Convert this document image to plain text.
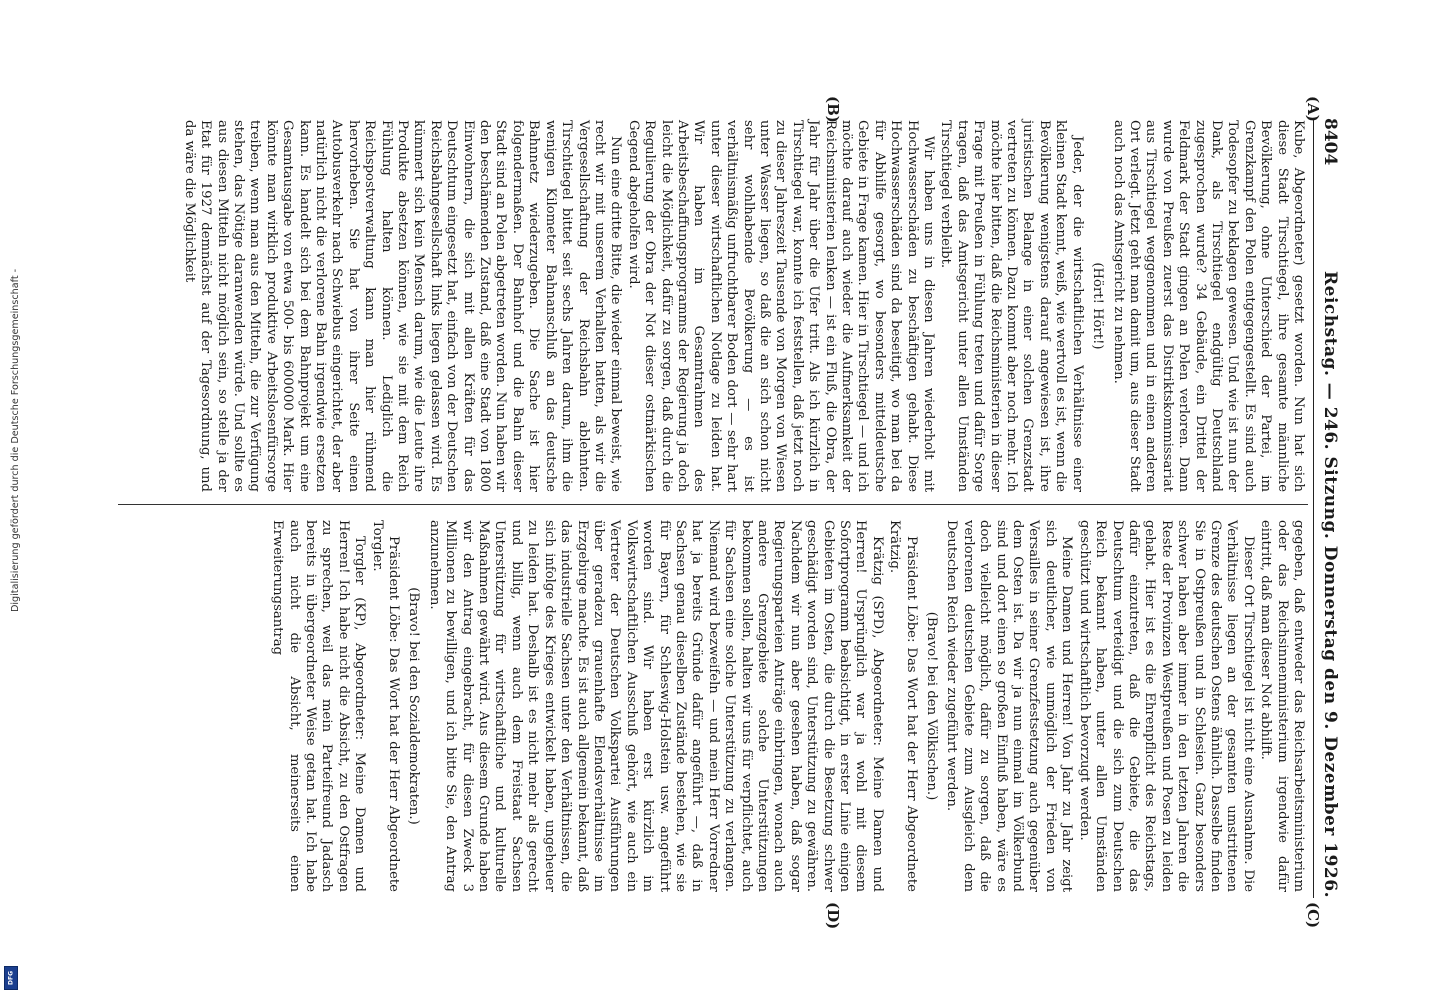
8404
Reichstag. — 246. Sitzung. Donnerstag den 9. Dezember 1926.
(A)
(B)
(C)
(D)

Kube, Abgeordneter) gesetzt worden. Nun hat sich diese Stadt Tirschtiegel, ihre gesamte männliche Bevölkerung, ohne Unterschied der Partei, im Grenzkampf den Polen entgegengestellt. Es sind auch Todesopfer zu beklagen gewesen. Und wie ist nun der Dank, als Tirschtiegel endgültig Deutschland zugesprochen wurde? 34 Gebäude, ein Drittel der Feldmark der Stadt gingen an Polen verloren. Dann wurde von Preußen zuerst das Distriktskommissariat aus Tirschtiegel weggenommen und in einen anderen Ort verlegt. Jetzt geht man damit um, aus dieser Stadt auch noch das Amtsgericht zu nehmen.

(Hört! Hört!)

Jeder, der die wirtschaftlichen Verhältnisse einer kleinen Stadt kennt, weiß, wie wertvoll es ist, wenn die Bevölkerung wenigstens darauf angewiesen ist, ihre juristischen Belange in einer solchen Grenzstadt vertreten zu können. Dazu kommt aber noch mehr. Ich möchte hier bitten, daß die Reichsministerien in dieser Frage mit Preußen in Fühlung treten und dafür Sorge tragen, daß das Amtsgericht unter allen Umständen Tirschtiegel verbleibt.

Wir haben uns in diesen Jahren wiederholt mit Hochwasserschäden zu beschäftigen gehabt. Diese Hochwasserschäden sind da beseitigt, wo man bei da für Abhilfe gesorgt, wo besonders mitteldeutsche Gebiete in Frage kamen. Hier in Tirschtiegel — und ich möchte darauf auch wieder die Aufmerksamkeit der Reichsministerien lenken — ist ein Fluß, die Obra, der Jahr für Jahr über die Ufer tritt. Als ich kürzlich in Tirschtiegel war, konnte ich feststellen, daß jetzt noch zu dieser Jahreszeit Tausende von Morgen von Wiesen unter Wasser liegen, so daß die an sich schon nicht sehr wohlhabende Bevölkerung — es ist verhältnismäßig unfruchtbarer Boden dort — sehr hart unter dieser wirtschaftlichen Notlage zu leiden hat. Wir haben im Gesamtrahmen des Arbeitsbeschaffungsprogramms der Regierung ja doch leicht die Möglichkeit, dafür zu sorgen, daß durch die Regulierung der Obra der Not dieser ostmärkischen Gegend abgeholfen wird.

Nun eine dritte Bitte, die wieder einmal beweist, wie recht wir mit unserem Verhalten hatten, als wir die Vergesellschaftung der Reichsbahn ablehnten. Tirschtiegel bittet seit sechs Jahren darum, ihm die wenigen Kilometer Bahnanschluß an das deutsche Bahnnetz wiederzugeben. Die Sache ist hier folgendermaßen. Der Bahnhof und die Bahn dieser Stadt sind an Polen abgetreten worden. Nun haben wir den beschämenden Zustand, daß eine Stadt von 1800 Einwohnern, die sich mit allen Kräften für das Deutschtum eingesetzt hat, einfach von der Deutschen Reichsbahngesellschaft links liegen gelassen wird. Es kümmert sich kein Mensch darum, wie die Leute ihre Produkte absetzen können, wie sie mit dem Reich Fühlung halten können. Lediglich die Reichspostverwaltung kann man hier rühmend hervorheben. Sie hat von ihrer Seite einen Autobusverkehr nach Schwiebus eingerichtet, der aber natürlich nicht die verlorene Bahn irgendwie ersetzen kann. Es handelt sich bei dem Bahnprojekt um eine Gesamtausgabe von etwa 500- bis 600000 Mark. Hier könnte man wirklich produktive Arbeitslosenfürsorge treiben, wenn man aus den Mitteln, die zur Verfügung stehen, das Nötige daranwenden würde. Und sollte es aus diesen Mitteln nicht möglich sein, so stelle ja der Etat für 1927 demnächst auf der Tagesordnung, und da wäre die Möglichkeit

gegeben, daß entweder das Reichsarbeitsministerium oder das Reichsinnenministerium irgendwie dafür eintritt, daß man dieser Not abhilft.

Dieser Ort Tirschtiegel ist nicht eine Ausnahme. Die Verhältnisse liegen an der gesamten umstrittenen Grenze des deutschen Ostens ähnlich. Dasselbe finden Sie in Ostpreußen und in Schlesien. Ganz besonders schwer haben aber immer in den letzten Jahren die Reste der Provinzen Westpreußen und Posen zu leiden gehabt. Hier ist es die Ehrenpflicht des Reichstags, dafür einzutreten, daß die Gebiete, die das Deutschtum verteidigt und die sich zum Deutschen Reich bekannt haben, unter allen Umständen geschützt und wirtschaftlich bevorzugt werden.

Meine Damen und Herren! Von Jahr zu Jahr zeigt sich deutlicher, wie unmöglich der Frieden von Versailles in seiner Grenzfestsetzung auch gegenüber dem Osten ist. Da wir ja nun einmal im Völkerbund sind und dort einen so großen Einfluß haben, wäre es doch vielleicht möglich, dafür zu sorgen, daß die verlorenen deutschen Gebiete zum Ausgleich dem Deutschen Reich wieder zugeführt werden.

(Bravo! bei den Völkischen.)

Präsident Löbe: Das Wort hat der Herr Abgeordnete Krätzig.

Krätzig (SPD), Abgeordneter: Meine Damen und Herren! Ursprünglich war ja wohl mit diesem Sofortprogramm beabsichtigt, in erster Linie einigen Gebieten im Osten, die durch die Besetzung schwer geschädigt worden sind, Unterstützung zu gewähren. Nachdem wir nun aber gesehen haben, daß sogar Regierungsparteien Anträge einbringen, wonach auch andere Grenzgebiete solche Unterstützungen bekommen sollen, halten wir uns für verpflichtet, auch für Sachsen eine solche Unterstützung zu verlangen. Niemand wird bezweifeln — und mein Herr Vorredner hat ja bereits Gründe dafür angeführt —, daß in Sachsen genau dieselben Zustände bestehen, wie sie für Bayern, für Schleswig-Holstein usw. angeführt worden sind. Wir haben erst kürzlich im Volkswirtschaftlichen Ausschuß gehört, wie auch ein Vertreter der Deutschen Volkspartei Ausführungen über geradezu grauenhafte Elendsverhältnisse im Erzgebirge machte. Es ist auch allgemein bekannt, daß das industrielle Sachsen unter den Verhältnissen, die sich infolge des Krieges entwickelt haben, ungeheuer zu leiden hat. Deshalb ist es nicht mehr als gerecht und billig, wenn auch dem Freistaat Sachsen Unterstützung für wirtschaftliche und kulturelle Maßnahmen gewährt wird. Aus diesem Grunde haben wir den Antrag eingebracht, für diesen Zweck 3 Millionen zu bewilligen, und ich bitte Sie, den Antrag anzunehmen.

(Bravo! bei den Sozialdemokraten.)

Präsident Löbe: Das Wort hat der Herr Abgeordnete Torgler.

Torgler (KP), Abgeordneter: Meine Damen und Herren! Ich habe nicht die Absicht, zu den Ostfragen zu sprechen, weil das mein Parteifreund Jadasch bereits in übergeordneter Weise getan hat. Ich habe auch nicht die Absicht, meinerseits einen Erweiterungsantrag

Digitalisierung gefördert durch die Deutsche Forschungsgemeinschaft -
DFG
